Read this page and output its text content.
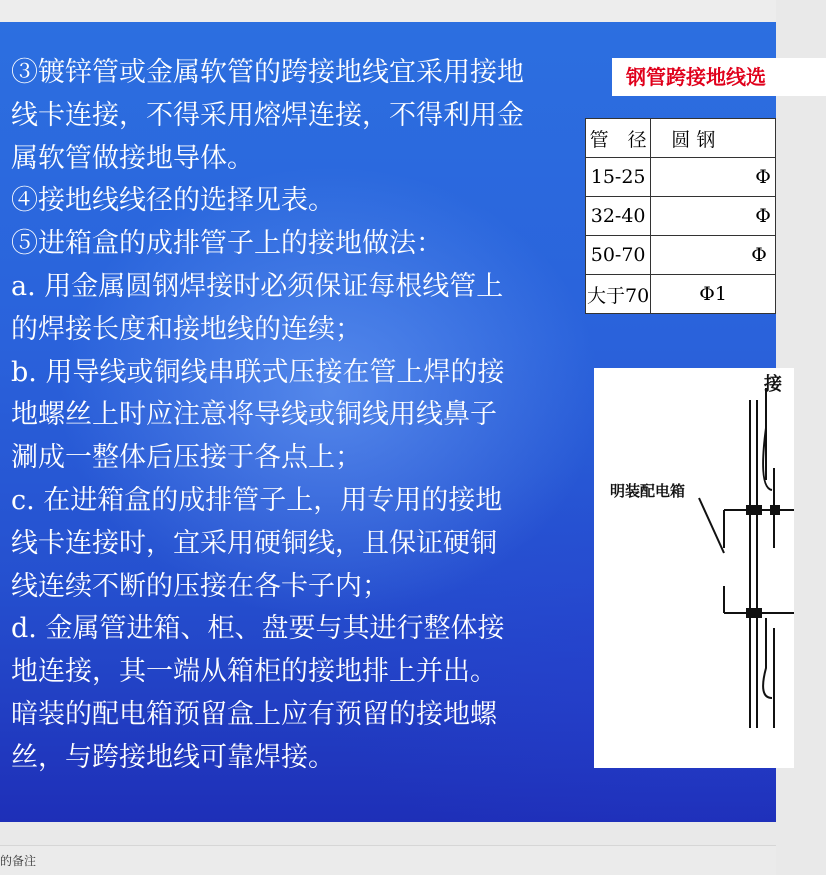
③镀锌管或金属软管的跨接地线宜采用接地
线卡连接，不得采用熔焊连接，不得利用金
属软管做接地导体。
④接地线线径的选择见表。
⑤进箱盒的成排管子上的接地做法：
a. 用金属圆钢焊接时必须保证每根线管上
的焊接长度和接地线的连续；
b. 用导线或铜线串联式压接在管上焊的接
地螺丝上时应注意将导线或铜线用线鼻子
涮成一整体后压接于各点上；
c. 在进箱盒的成排管子上，用专用的接地
线卡连接时，宜采用硬铜线，且保证硬铜
线连续不断的压接在各卡子内；
d. 金属管进箱、柜、盘要与其进行整体接
地连接，其一端从箱柜的接地排上并出。
暗装的配电箱预留盒上应有预留的接地螺
丝，与跨接地线可靠焊接。
钢管跨接地线选
管　径	圆 钢
15-25	Φ
32-40	Φ
50-70	Φ
大于70	Φ1
接
明装配电箱
的备注
